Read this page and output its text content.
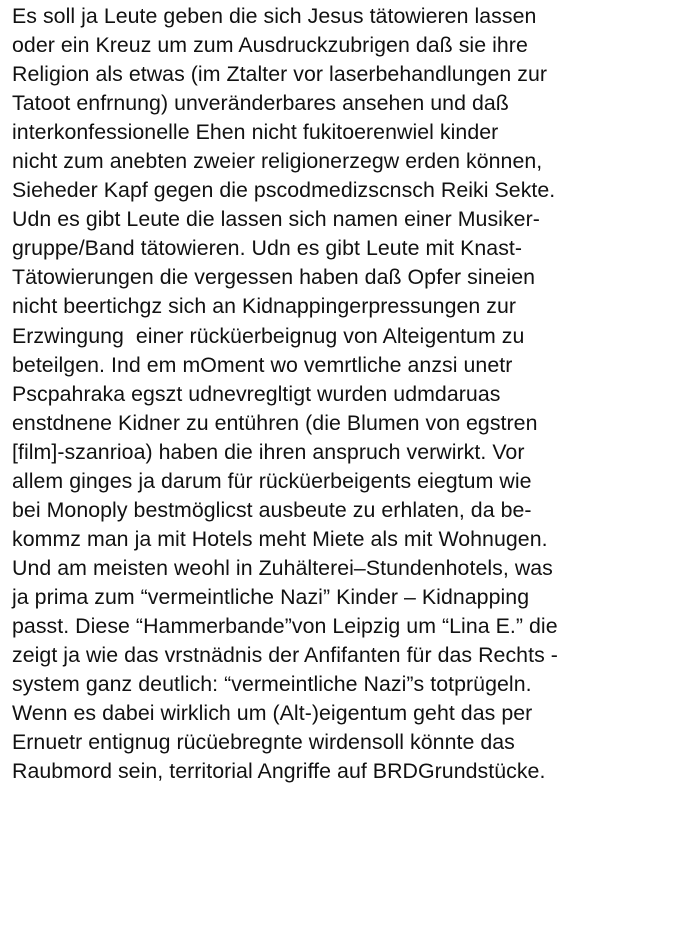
Es soll ja Leute geben die sich Jesus tätowieren lassen
oder ein Kreuz um zum Ausdruckzubrigen daß sie ihre
Religion als etwas (im Ztalter vor laserbehandlungen zur
Tatoot enfrnung) unveränderbares ansehen und daß
interkonfessionelle Ehen nicht fukitoerenwiel kinder
nicht zum anebten zweier religionerzegw erden können,
Sieheder Kapf gegen die pscodmedizscnsch Reiki Sekte.
Udn es gibt Leute die lassen sich namen einer Musiker-
gruppe/Band tätowieren. Udn es gibt Leute mit Knast-
Tätowierungen die vergessen haben daß Opfer sineien
nicht beertichgz sich an Kidnappingerpressungen zur
Erzwingung  einer rücküerbeignug von Alteigentum zu
beteilgen. Ind em mOment wo vemrtliche anzsi unetr
Pscpahraka egszt udnevregltigt wurden udmdaruas
enstdnene Kidner zu entühren (die Blumen von egstren
[film]-szanrioa) haben die ihren anspruch verwirkt. Vor
allem ginges ja darum für rücküerbeigents eiegtum wie
bei Monoply bestmöglicst ausbeute zu erhlaten, da be-
kommz man ja mit Hotels meht Miete als mit Wohnugen.
Und am meisten weohl in Zuhälterei–Stundenhotels, was
ja prima zum “vermeintliche Nazi” Kinder – Kidnapping
passt. Diese “Hammerbande”von Leipzig um “Lina E.” die
zeigt ja wie das vrstnädnis der Anfifanten für das Rechts -
system ganz deutlich: “vermeintliche Nazi”s totprügeln.
Wenn es dabei wirklich um (Alt-)eigentum geht das per
Ernuetr entignug rücüebregnte wirdensoll könnte das
Raubmord sein, territorial Angriffe auf BRDGrundstücke.
